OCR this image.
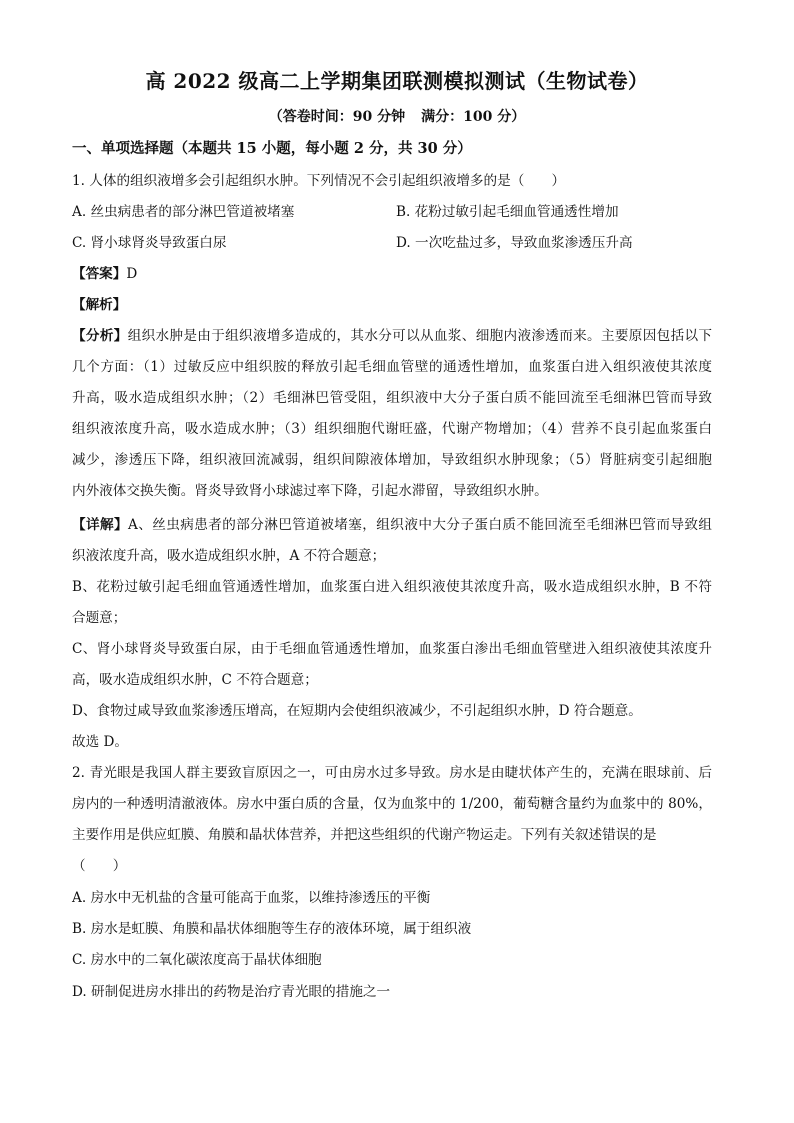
高 2022 级高二上学期集团联测模拟测试（生物试卷）
（答卷时间：90 分钟 满分：100 分）
一、单项选择题（本题共 15 小题，每小题 2 分，共 30 分）
1. 人体的组织液增多会引起组织水肿。下列情况不会引起组织液增多的是（　　）
A. 丝虫病患者的部分淋巴管道被堵塞	B. 花粉过敏引起毛细血管通透性增加
C. 肾小球肾炎导致蛋白尿	D. 一次吃盐过多，导致血浆渗透压升高
【答案】D
【解析】
【分析】组织水肿是由于组织液增多造成的，其水分可以从血浆、细胞内液渗透而来。主要原因包括以下
几个方面：（1）过敏反应中组织胺的释放引起毛细血管壁的通透性增加，血浆蛋白进入组织液使其浓度
升高，吸水造成组织水肿；（2）毛细淋巴管受阻，组织液中大分子蛋白质不能回流至毛细淋巴管而导致
组织液浓度升高，吸水造成水肿；（3）组织细胞代谢旺盛，代谢产物增加；（4）营养不良引起血浆蛋白
减少，渗透压下降，组织液回流减弱，组织间隙液体增加，导致组织水肿现象；（5）肾脏病变引起细胞
内外液体交换失衡。肾炎导致肾小球滤过率下降，引起水滞留，导致组织水肿。
【详解】A、丝虫病患者的部分淋巴管道被堵塞，组织液中大分子蛋白质不能回流至毛细淋巴管而导致组
织液浓度升高，吸水造成组织水肿，A 不符合题意；
B、花粉过敏引起毛细血管通透性增加，血浆蛋白进入组织液使其浓度升高，吸水造成组织水肿，B 不符
合题意；
C、肾小球肾炎导致蛋白尿，由于毛细血管通透性增加，血浆蛋白渗出毛细血管壁进入组织液使其浓度升
高，吸水造成组织水肿，C 不符合题意；
D、食物过咸导致血浆渗透压增高，在短期内会使组织液减少，不引起组织水肿，D 符合题意。
故选 D。
2. 青光眼是我国人群主要致盲原因之一，可由房水过多导致。房水是由睫状体产生的，充满在眼球前、后
房内的一种透明清澈液体。房水中蛋白质的含量，仅为血浆中的 1/200，葡萄糖含量约为血浆中的 80%，
主要作用是供应虹膜、角膜和晶状体营养，并把这些组织的代谢产物运走。下列有关叙述错误的是
（　　）
A. 房水中无机盐的含量可能高于血浆，以维持渗透压的平衡
B. 房水是虹膜、角膜和晶状体细胞等生存的液体环境，属于组织液
C. 房水中的二氧化碳浓度高于晶状体细胞
D. 研制促进房水排出的药物是治疗青光眼的措施之一
